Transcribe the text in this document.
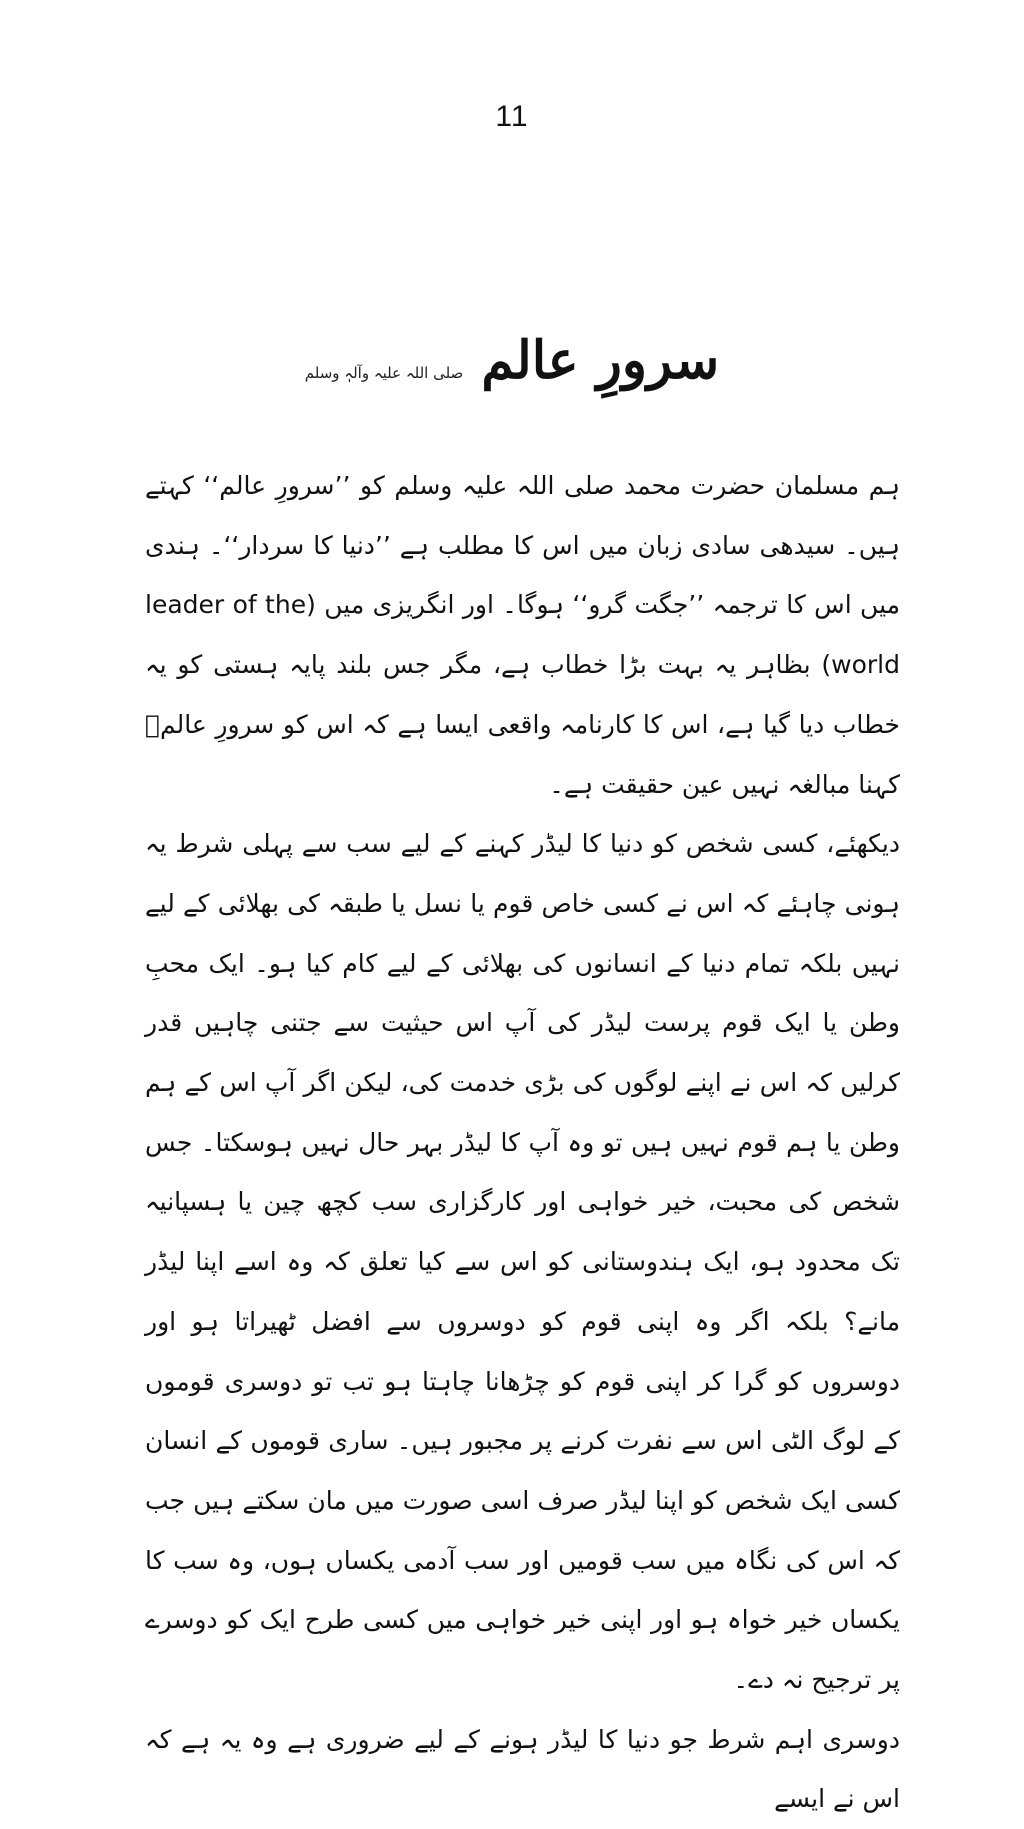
11
سرورِ عالم
صلی اللہ علیہ وآلہٖ وسلم

ہم مسلمان حضرت محمد صلی اللہ علیہ وسلم کو ’’سرورِ عالم‘‘ کہتے ہیں۔ سیدھی سادی زبان میں اس کا مطلب ہے ’’دنیا کا سردار‘‘۔ ہندی میں اس کا ترجمہ ’’جگت گرو‘‘ ہوگا۔ اور انگریزی میں (leader of the world) بظاہر یہ بہت بڑا خطاب ہے، مگر جس بلند پایہ ہستی کو یہ خطاب دیا گیا ہے، اس کا کارنامہ واقعی ایسا ہے کہ اس کو سرورِ عالمؐ کہنا مبالغہ نہیں عین حقیقت ہے۔

دیکھئے، کسی شخص کو دنیا کا لیڈر کہنے کے لیے سب سے پہلی شرط یہ ہونی چاہئے کہ اس نے کسی خاص قوم یا نسل یا طبقہ کی بھلائی کے لیے نہیں بلکہ تمام دنیا کے انسانوں کی بھلائی کے لیے کام کیا ہو۔ ایک محبِ وطن یا ایک قوم پرست لیڈر کی آپ اس حیثیت سے جتنی چاہیں قدر کرلیں کہ اس نے اپنے لوگوں کی بڑی خدمت کی، لیکن اگر آپ اس کے ہم وطن یا ہم قوم نہیں ہیں تو وہ آپ کا لیڈر بہر حال نہیں ہوسکتا۔ جس شخص کی محبت، خیر خواہی اور کارگزاری سب کچھ چین یا ہسپانیہ تک محدود ہو، ایک ہندوستانی کو اس سے کیا تعلق کہ وہ اسے اپنا لیڈر مانے؟ بلکہ اگر وہ اپنی قوم کو دوسروں سے افضل ٹھیراتا ہو اور دوسروں کو گرا کر اپنی قوم کو چڑھانا چاہتا ہو تب تو دوسری قوموں کے لوگ الٹی اس سے نفرت کرنے پر مجبور ہیں۔ ساری قوموں کے انسان کسی ایک شخص کو اپنا لیڈر صرف اسی صورت میں مان سکتے ہیں جب کہ اس کی نگاہ میں سب قومیں اور سب آدمی یکساں ہوں، وہ سب کا یکساں خیر خواہ ہو اور اپنی خیر خواہی میں کسی طرح ایک کو دوسرے پر ترجیح نہ دے۔

دوسری اہم شرط جو دنیا کا لیڈر ہونے کے لیے ضروری ہے وہ یہ ہے کہ اس نے ایسے
